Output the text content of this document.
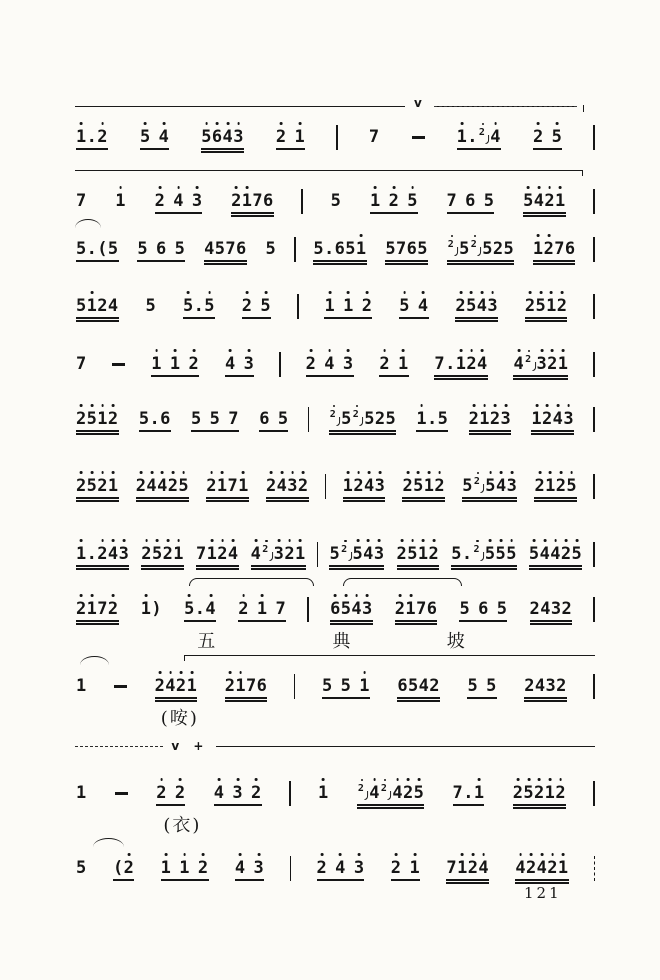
v
1 . 2 5 4 5 6 4 3 2 1	7	1 . 2 4 2 5
7 1 2 4 3 2 1 7 6	5 1 2 5 7 6 5 5 4 2 1
5 . ( 5 5 6 5 4 5 7 6 5 5 . 6 5 1 5 7 6 5 2 5 2 5 2 5 1 2 7 6
5 1 2 4 5 5 . 5 2 5	1 1 2 5 4 2 5 4 3 2 5 1 2
7	1 1 2 4 3	2 4 3 2 1 7 . 1 2 4 4 2 3 2 1
2 5 1 2 5 . 6 5 5 7 6 5	2 5 2 5 2 5 1 . 5 2 1 2 3 1 2 4 3
2 5 2 1 2 4 4 2 5 2 1 7 1 2 4 3 2 1 2 4 3 2 5 1 2 5 2 5 4 3 2 1 2 5
1 . 2 4 3 2 5 2 1 7 1 2 4 4 2 3 2 1 5 2 5 4 3 2 5 1 2 5 . 2 5 5 5 5 4 4 2 5
2 1 7 2 1 ) 5 . 4 2 1 7	6 5 4 3 2 1 7 6 5 6 5 2 4 3 2
五	典	坡
1	2 4 2 1 2 1 7 6	5 5 1 6 5 4 2 5 5 2 4 3 2
(咹)
v +
1	2 2 4 3 2	1	2 4 2 4 2 5 7 . 1 2 5 2 1 2
(衣)
5 ( 2 1 1 2 4 3	2 4 3 2 1 7 1 2 4 4 2 4 2 1
121
